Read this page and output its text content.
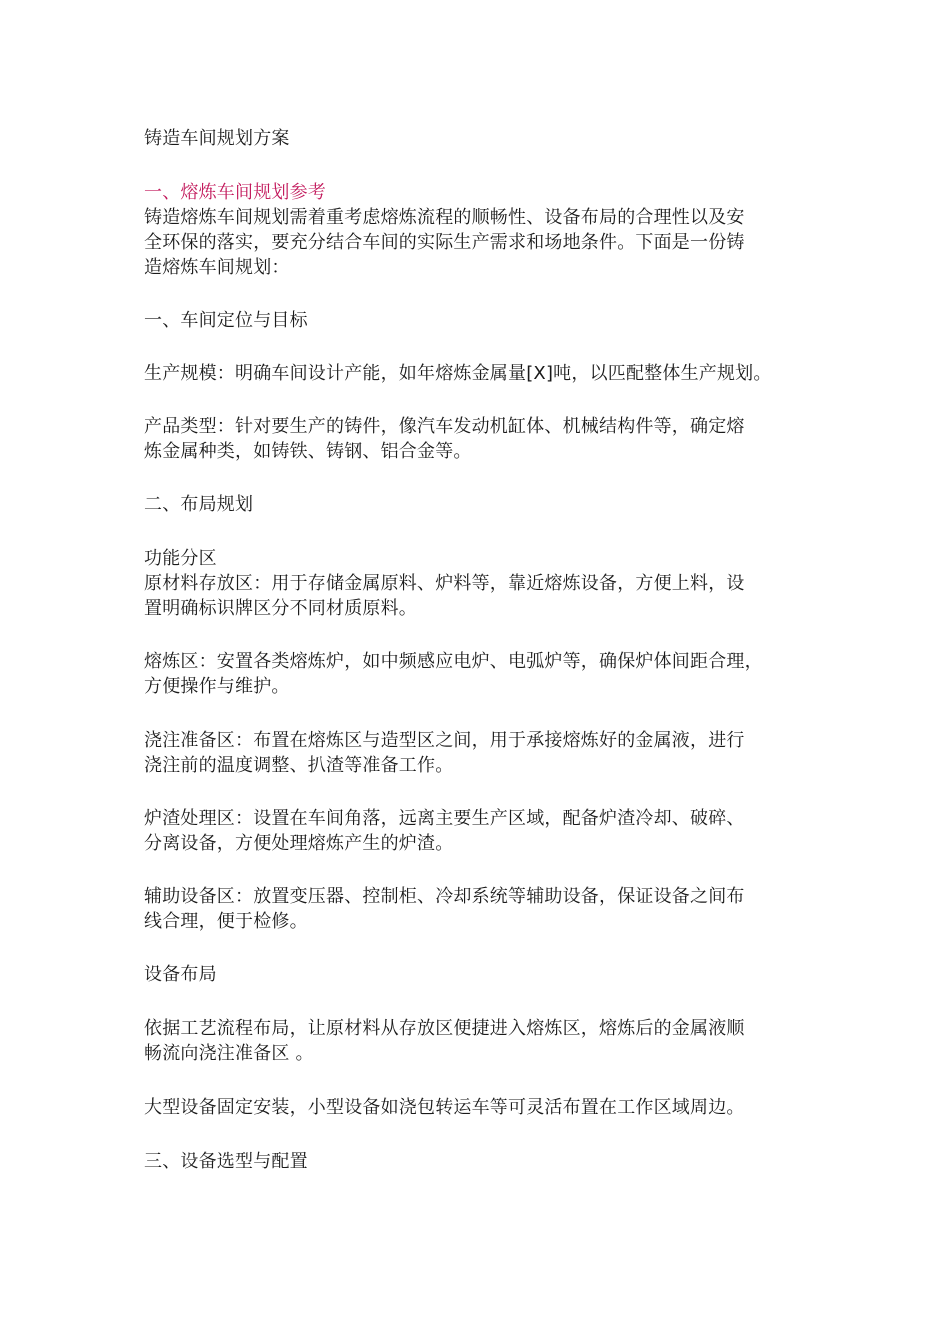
铸造车间规划方案
一、熔炼车间规划参考
铸造熔炼车间规划需着重考虑熔炼流程的顺畅性、设备布局的合理性以及安
全环保的落实，要充分结合车间的实际生产需求和场地条件。下面是一份铸
造熔炼车间规划：
一、车间定位与目标
生产规模：明确车间设计产能，如年熔炼金属量[X]吨，以匹配整体生产规划。
产品类型：针对要生产的铸件，像汽车发动机缸体、机械结构件等，确定熔
炼金属种类，如铸铁、铸钢、铝合金等。
二、布局规划
功能分区
原材料存放区：用于存储金属原料、炉料等，靠近熔炼设备，方便上料，设
置明确标识牌区分不同材质原料。
熔炼区：安置各类熔炼炉，如中频感应电炉、电弧炉等，确保炉体间距合理，
方便操作与维护。
浇注准备区：布置在熔炼区与造型区之间，用于承接熔炼好的金属液，进行
浇注前的温度调整、扒渣等准备工作。
炉渣处理区：设置在车间角落，远离主要生产区域，配备炉渣冷却、破碎、
分离设备，方便处理熔炼产生的炉渣。
辅助设备区：放置变压器、控制柜、冷却系统等辅助设备，保证设备之间布
线合理，便于检修。
设备布局
依据工艺流程布局，让原材料从存放区便捷进入熔炼区，熔炼后的金属液顺
畅流向浇注准备区 。
大型设备固定安装，小型设备如浇包转运车等可灵活布置在工作区域周边。
三、设备选型与配置
